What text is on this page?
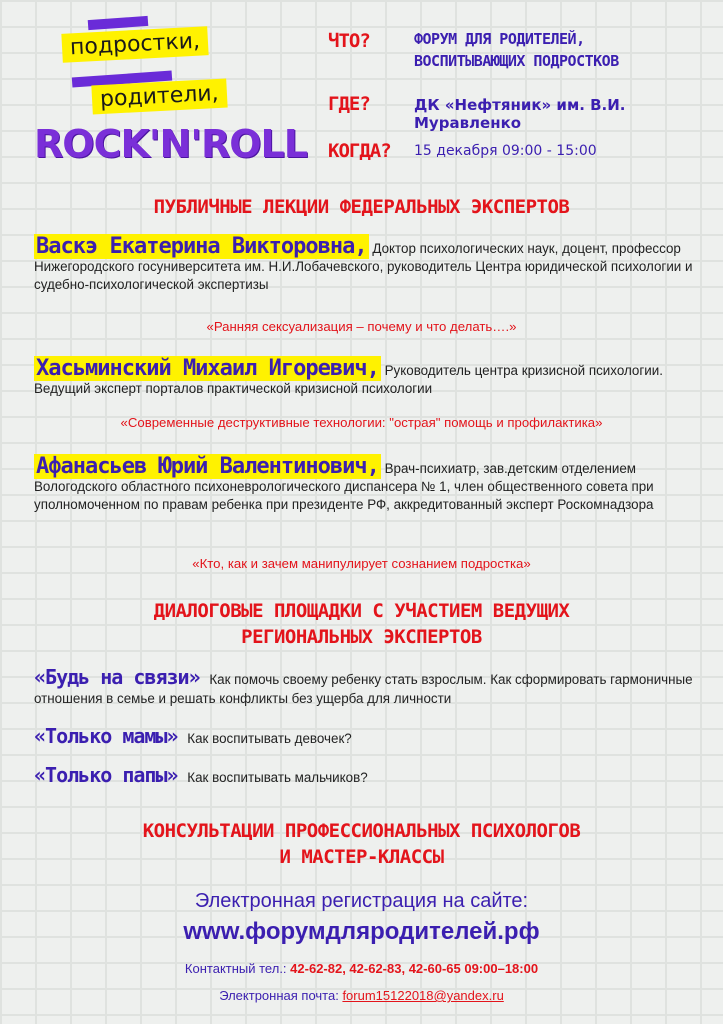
подростки,
родители,
ROCK'N'ROLL
ЧТО?	ФОРУМ ДЛЯ РОДИТЕЛЕЙ,
ВОСПИТЫВАЮЩИХ ПОДРОСТКОВ
ГДЕ?	ДК «Нефтяник» им. В.И. Муравленко
КОГДА? 15 декабря 09:00 - 15:00
ПУБЛИЧНЫЕ ЛЕКЦИИ ФЕДЕРАЛЬНЫХ ЭКСПЕРТОВ
Васкэ Екатерина Викторовна, Доктор психологических наук, доцент, профессор Нижегородского госуниверситета им. Н.И.Лобачевского, руководитель Центра юридической психологии и судебно-психологической экспертизы
«Ранняя сексуализация – почему и что делать….»
Хасьминский Михаил Игоревич, Руководитель центра кризисной психологии. Ведущий эксперт порталов практической кризисной психологии
«Современные деструктивные технологии: "острая" помощь и профилактика»
Афанасьев Юрий Валентинович, Врач-психиатр, зав.детским отделением Вологодского областного психоневрологического диспансера № 1, член общественного совета при уполномоченном по правам ребенка при президенте РФ, аккредитованный эксперт Роскомнадзора
«Кто, как и зачем манипулирует сознанием подростка»
ДИАЛОГОВЫЕ ПЛОЩАДКИ С УЧАСТИЕМ ВЕДУЩИХ
РЕГИОНАЛЬНЫХ ЭКСПЕРТОВ
«Будь на связи» Как помочь своему ребенку стать взрослым. Как сформировать гармоничные отношения в семье и решать конфликты без ущерба для личности
«Только мамы» Как воспитывать девочек?
«Только папы» Как воспитывать мальчиков?
КОНСУЛЬТАЦИИ ПРОФЕССИОНАЛЬНЫХ ПСИХОЛОГОВ
И МАСТЕР-КЛАССЫ
Электронная регистрация на сайте:
www.форумдляродителей.рф
Контактный тел.: 42-62-82, 42-62-83, 42-60-65 09:00–18:00
Электронная почта: forum15122018@yandex.ru
